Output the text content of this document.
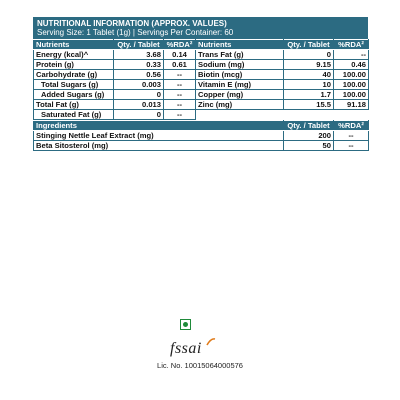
NUTRITIONAL INFORMATION (APPROX. VALUES)
Serving Size: 1 Tablet (1g) | Servings Per Container: 60
Nutrients	Qty. / Tablet	%RDA²	Nutrients	Qty. / Tablet	%RDA²
Energy (kcal)^	3.68	0.14	Trans Fat (g)	0	--
Protein (g)	0.33	0.61	Sodium (mg)	9.15	0.46
Carbohydrate (g)	0.56	--	Biotin (mcg)	40	100.00
Total Sugars (g)	0.003	--	Vitamin E (mg)	10	100.00
Added Sugars (g)	0	--	Copper (mg)	1.7	100.00
Total Fat (g)	0.013	--	Zinc (mg)	15.5	91.18
Saturated Fat (g)	0	--			
Ingredients	Qty. / Tablet	%RDA²
Stinging Nettle Leaf Extract (mg)	200	--
Beta Sitosterol (mg)	50	--
fssai
Lic. No. 10015064000576
